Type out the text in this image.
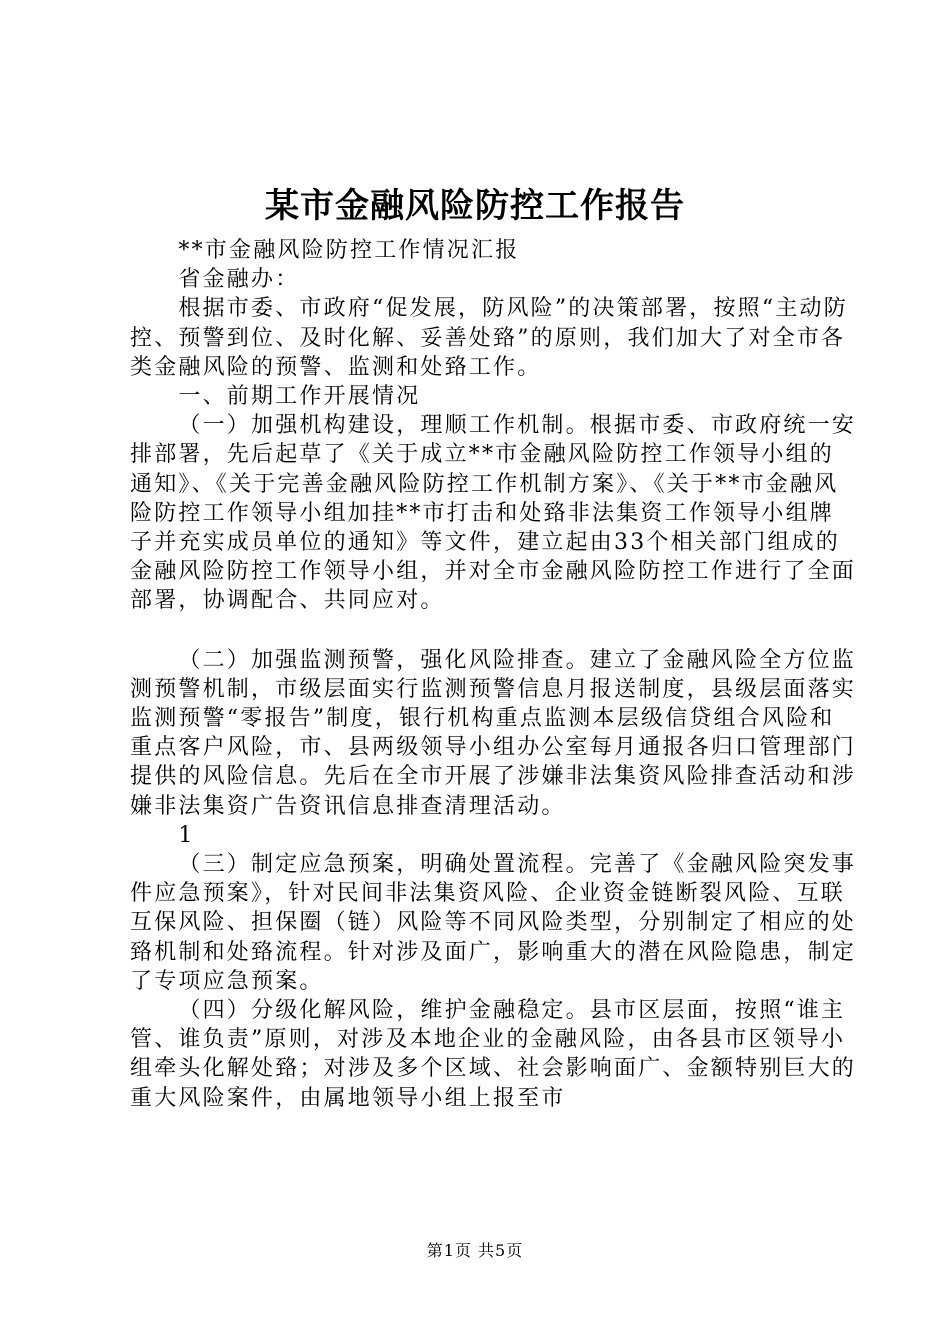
某市金融风险防控工作报告

**市金融风险防控工作情况汇报

省金融办：

根据市委、市政府“促发展，防风险”的决策部署，按照“主动防控、预警到位、及时化解、妥善处臵”的原则，我们加大了对全市各类金融风险的预警、监测和处臵工作。

一、前期工作开展情况

（一）加强机构建设，理顺工作机制。根据市委、市政府统一安排部署，先后起草了《关于成立**市金融风险防控工作领导小组的通知》、《关于完善金融风险防控工作机制方案》、《关于**市金融风险防控工作领导小组加挂**市打击和处臵非法集资工作领导小组牌子并充实成员单位的通知》等文件，建立起由33个相关部门组成的金融风险防控工作领导小组，并对全市金融风险防控工作进行了全面部署，协调配合、共同应对。

（二）加强监测预警，强化风险排查。建立了金融风险全方位监测预警机制，市级层面实行监测预警信息月报送制度，县级层面落实监测预警“零报告”制度，银行机构重点监测本层级信贷组合风险和重点客户风险，市、县两级领导小组办公室每月通报各归口管理部门提供的风险信息。先后在全市开展了涉嫌非法集资风险排查活动和涉嫌非法集资广告资讯信息排查清理活动。

1

（三）制定应急预案，明确处置流程。完善了《金融风险突发事件应急预案》，针对民间非法集资风险、企业资金链断裂风险、互联互保风险、担保圈（链）风险等不同风险类型，分别制定了相应的处臵机制和处臵流程。针对涉及面广，影响重大的潜在风险隐患，制定了专项应急预案。

（四）分级化解风险，维护金融稳定。县市区层面，按照“谁主管、谁负责”原则，对涉及本地企业的金融风险，由各县市区领导小组牵头化解处臵；对涉及多个区域、社会影响面广、金额特别巨大的重大风险案件，由属地领导小组上报至市

第1页 共5页
